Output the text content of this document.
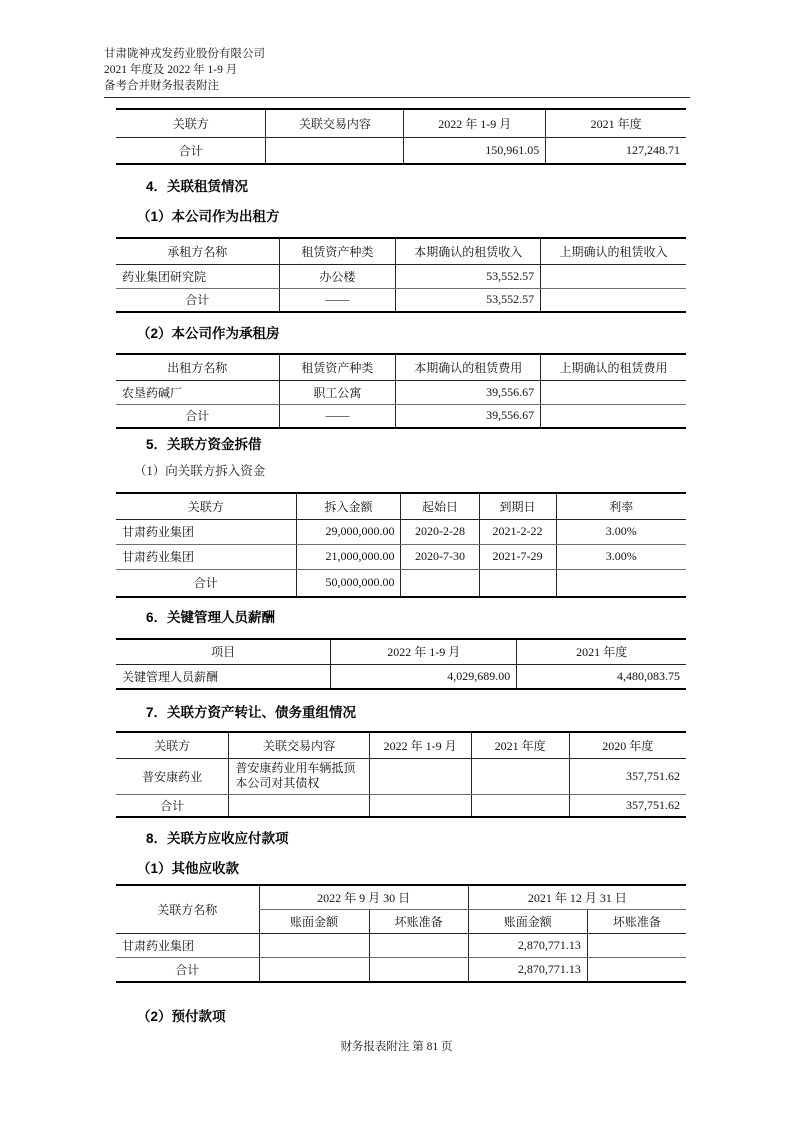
甘肃陇神戎发药业股份有限公司
2021 年度及 2022 年 1-9 月
备考合并财务报表附注
关联方	关联交易内容	2022 年 1-9 月	2021 年度
合计		150,961.05	127,248.71
4．关联租赁情况
（1）本公司作为出租方
承租方名称	租赁资产种类	本期确认的租赁收入	上期确认的租赁收入
药业集团研究院	办公楼	53,552.57	
合计	——	53,552.57	
（2）本公司作为承租房
出租方名称	租赁资产种类	本期确认的租赁费用	上期确认的租赁费用
农垦药碱厂	职工公寓	39,556.67	
合计	——	39,556.67	
5．关联方资金拆借
（1）向关联方拆入资金
关联方	拆入金额	起始日	到期日	利率
甘肃药业集团	29,000,000.00	2020-2-28	2021-2-22	3.00%
甘肃药业集团	21,000,000.00	2020-7-30	2021-7-29	3.00%
合计	50,000,000.00			
6．关键管理人员薪酬
项目	2022 年 1-9 月	2021 年度
关键管理人员薪酬	4,029,689.00	4,480,083.75
7．关联方资产转让、债务重组情况
关联方	关联交易内容	2022 年 1-9 月	2021 年度	2020 年度
普安康药业	普安康药业用车辆抵顶本公司对其债权			357,751.62
合计				357,751.62
8．关联方应收应付款项
（1）其他应收款
关联方名称	2022 年 9 月 30 日		2021 年 12 月 31 日	
	账面金额	坏账准备	账面金额	坏账准备
甘肃药业集团			2,870,771.13	
合计			2,870,771.13	
（2）预付款项
财务报表附注 第 81 页
